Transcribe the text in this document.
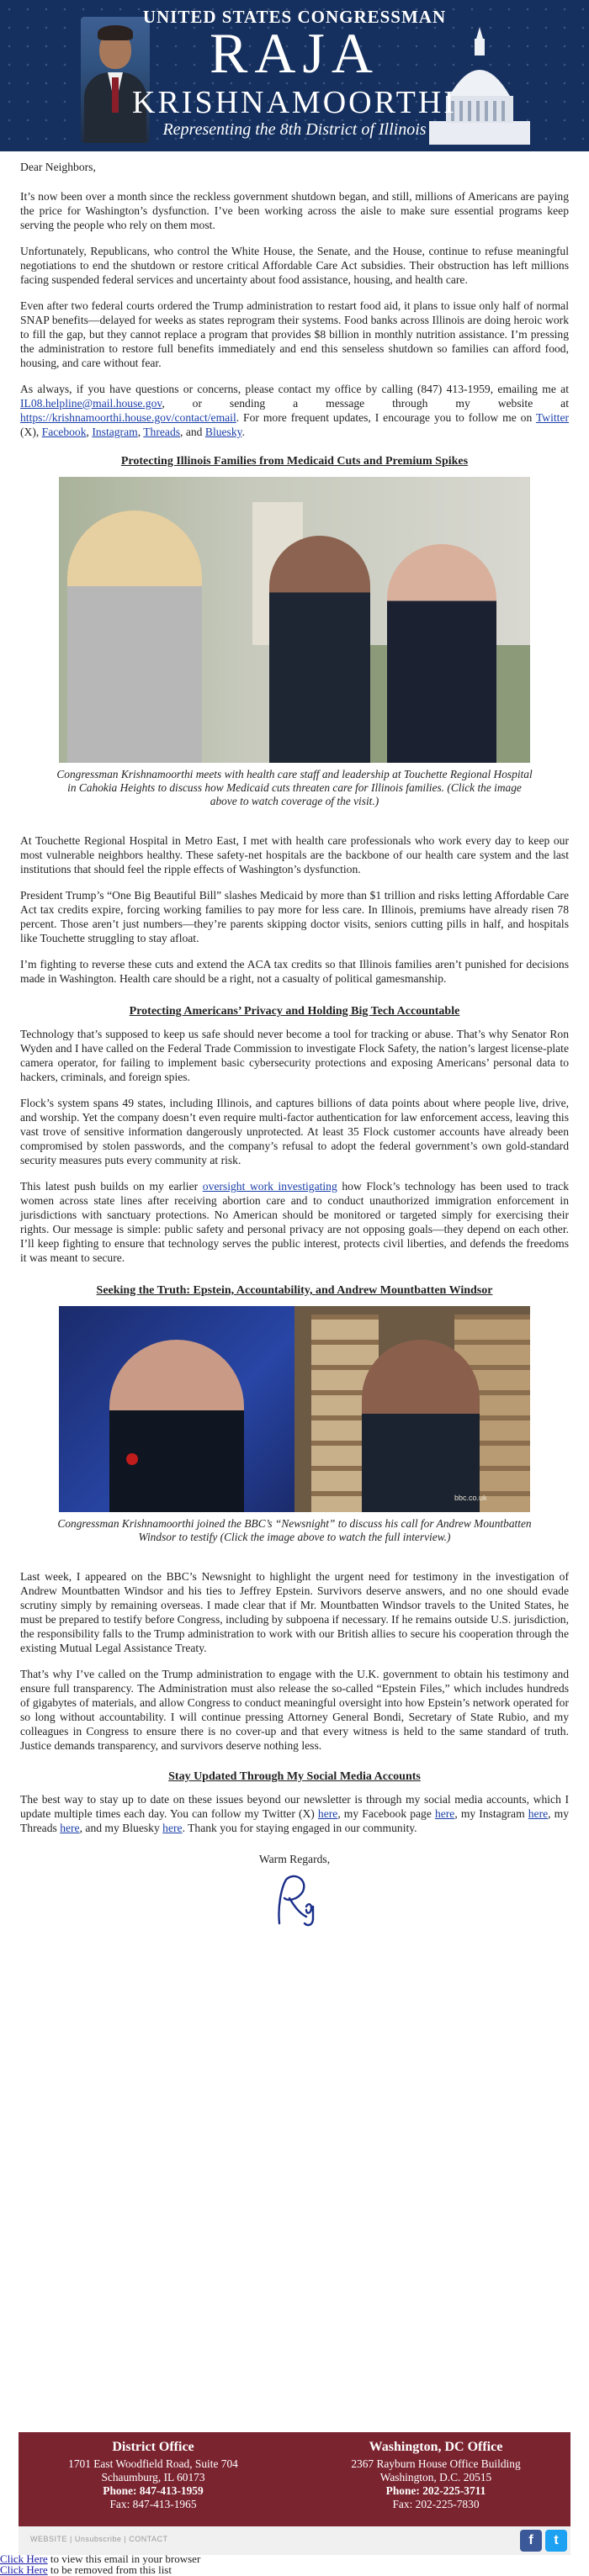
UNITED STATES CONGRESSMAN
RAJA
KRISHNAMOORTHI
Representing the 8th District of Illinois

Dear Neighbors,

It’s now been over a month since the reckless government shutdown began, and still, millions of Americans are paying the price for Washington’s dysfunction. I’ve been working across the aisle to make sure essential programs keep serving the people who rely on them most.

Unfortunately, Republicans, who control the White House, the Senate, and the House, continue to refuse meaningful negotiations to end the shutdown or restore critical Affordable Care Act subsidies. Their obstruction has left millions facing suspended federal services and uncertainty about food assistance, housing, and health care.

Even after two federal courts ordered the Trump administration to restart food aid, it plans to issue only half of normal SNAP benefits—delayed for weeks as states reprogram their systems. Food banks across Illinois are doing heroic work to fill the gap, but they cannot replace a program that provides $8 billion in monthly nutrition assistance. I’m pressing the administration to restore full benefits immediately and end this senseless shutdown so families can afford food, housing, and care without fear.

As always, if you have questions or concerns, please contact my office by calling (847) 413-1959, emailing me at IL08.helpline@mail.house.gov, or sending a message through my website at https://krishnamoorthi.house.gov/contact/email. For more frequent updates, I encourage you to follow me on Twitter (X), Facebook, Instagram, Threads, and Bluesky.

Protecting Illinois Families from Medicaid Cuts and Premium Spikes
Congressman Krishnamoorthi meets with health care staff and leadership at Touchette Regional Hospital in Cahokia Heights to discuss how Medicaid cuts threaten care for Illinois families. (Click the image above to watch coverage of the visit.)

At Touchette Regional Hospital in Metro East, I met with health care professionals who work every day to keep our most vulnerable neighbors healthy. These safety-net hospitals are the backbone of our health care system and the last institutions that should feel the ripple effects of Washington’s dysfunction.

President Trump’s “One Big Beautiful Bill” slashes Medicaid by more than $1 trillion and risks letting Affordable Care Act tax credits expire, forcing working families to pay more for less care. In Illinois, premiums have already risen 78 percent. Those aren’t just numbers—they’re parents skipping doctor visits, seniors cutting pills in half, and hospitals like Touchette struggling to stay afloat.

I’m fighting to reverse these cuts and extend the ACA tax credits so that Illinois families aren’t punished for decisions made in Washington. Health care should be a right, not a casualty of political gamesmanship.

Protecting Americans’ Privacy and Holding Big Tech Accountable

Technology that’s supposed to keep us safe should never become a tool for tracking or abuse. That’s why Senator Ron Wyden and I have called on the Federal Trade Commission to investigate Flock Safety, the nation’s largest license-plate camera operator, for failing to implement basic cybersecurity protections and exposing Americans’ personal data to hackers, criminals, and foreign spies.

Flock’s system spans 49 states, including Illinois, and captures billions of data points about where people live, drive, and worship. Yet the company doesn’t even require multi-factor authentication for law enforcement access, leaving this vast trove of sensitive information dangerously unprotected. At least 35 Flock customer accounts have already been compromised by stolen passwords, and the company’s refusal to adopt the federal government’s own gold-standard security measures puts every community at risk.

This latest push builds on my earlier oversight work investigating how Flock’s technology has been used to track women across state lines after receiving abortion care and to conduct unauthorized immigration enforcement in jurisdictions with sanctuary protections. No American should be monitored or targeted simply for exercising their rights. Our message is simple: public safety and personal privacy are not opposing goals—they depend on each other. I’ll keep fighting to ensure that technology serves the public interest, protects civil liberties, and defends the freedoms it was meant to secure.

Seeking the Truth: Epstein, Accountability, and Andrew Mountbatten Windsor
bbc.co.uk
Congressman Krishnamoorthi joined the BBC’s “Newsnight” to discuss his call for Andrew Mountbatten Windsor to testify (Click the image above to watch the full interview.)

Last week, I appeared on the BBC’s Newsnight to highlight the urgent need for testimony in the investigation of Andrew Mountbatten Windsor and his ties to Jeffrey Epstein. Survivors deserve answers, and no one should evade scrutiny simply by remaining overseas. I made clear that if Mr. Mountbatten Windsor travels to the United States, he must be prepared to testify before Congress, including by subpoena if necessary. If he remains outside U.S. jurisdiction, the responsibility falls to the Trump administration to work with our British allies to secure his cooperation through the existing Mutual Legal Assistance Treaty.

That’s why I’ve called on the Trump administration to engage with the U.K. government to obtain his testimony and ensure full transparency. The Administration must also release the so-called “Epstein Files,” which includes hundreds of gigabytes of materials, and allow Congress to conduct meaningful oversight into how Epstein’s network operated for so long without accountability. I will continue pressing Attorney General Bondi, Secretary of State Rubio, and my colleagues in Congress to ensure there is no cover-up and that every witness is held to the same standard of truth. Justice demands transparency, and survivors deserve nothing less.

Stay Updated Through My Social Media Accounts

The best way to stay up to date on these issues beyond our newsletter is through my social media accounts, which I update multiple times each day. You can follow my Twitter (X) here, my Facebook page here, my Instagram here, my Threads here, and my Bluesky here. Thank you for staying engaged in our community.

Warm Regards,
District Office
1701 East Woodfield Road, Suite 704
Schaumburg, IL 60173
Phone: 847-413-1959
Fax: 847-413-1965
Washington, DC Office
2367 Rayburn House Office Building
Washington, D.C. 20515
Phone: 202-225-3711
Fax: 202-225-7830
WEBSITE | Unsubscribe | CONTACT	f	t
Click Here to view this email in your browser
Click Here to be removed from this list
